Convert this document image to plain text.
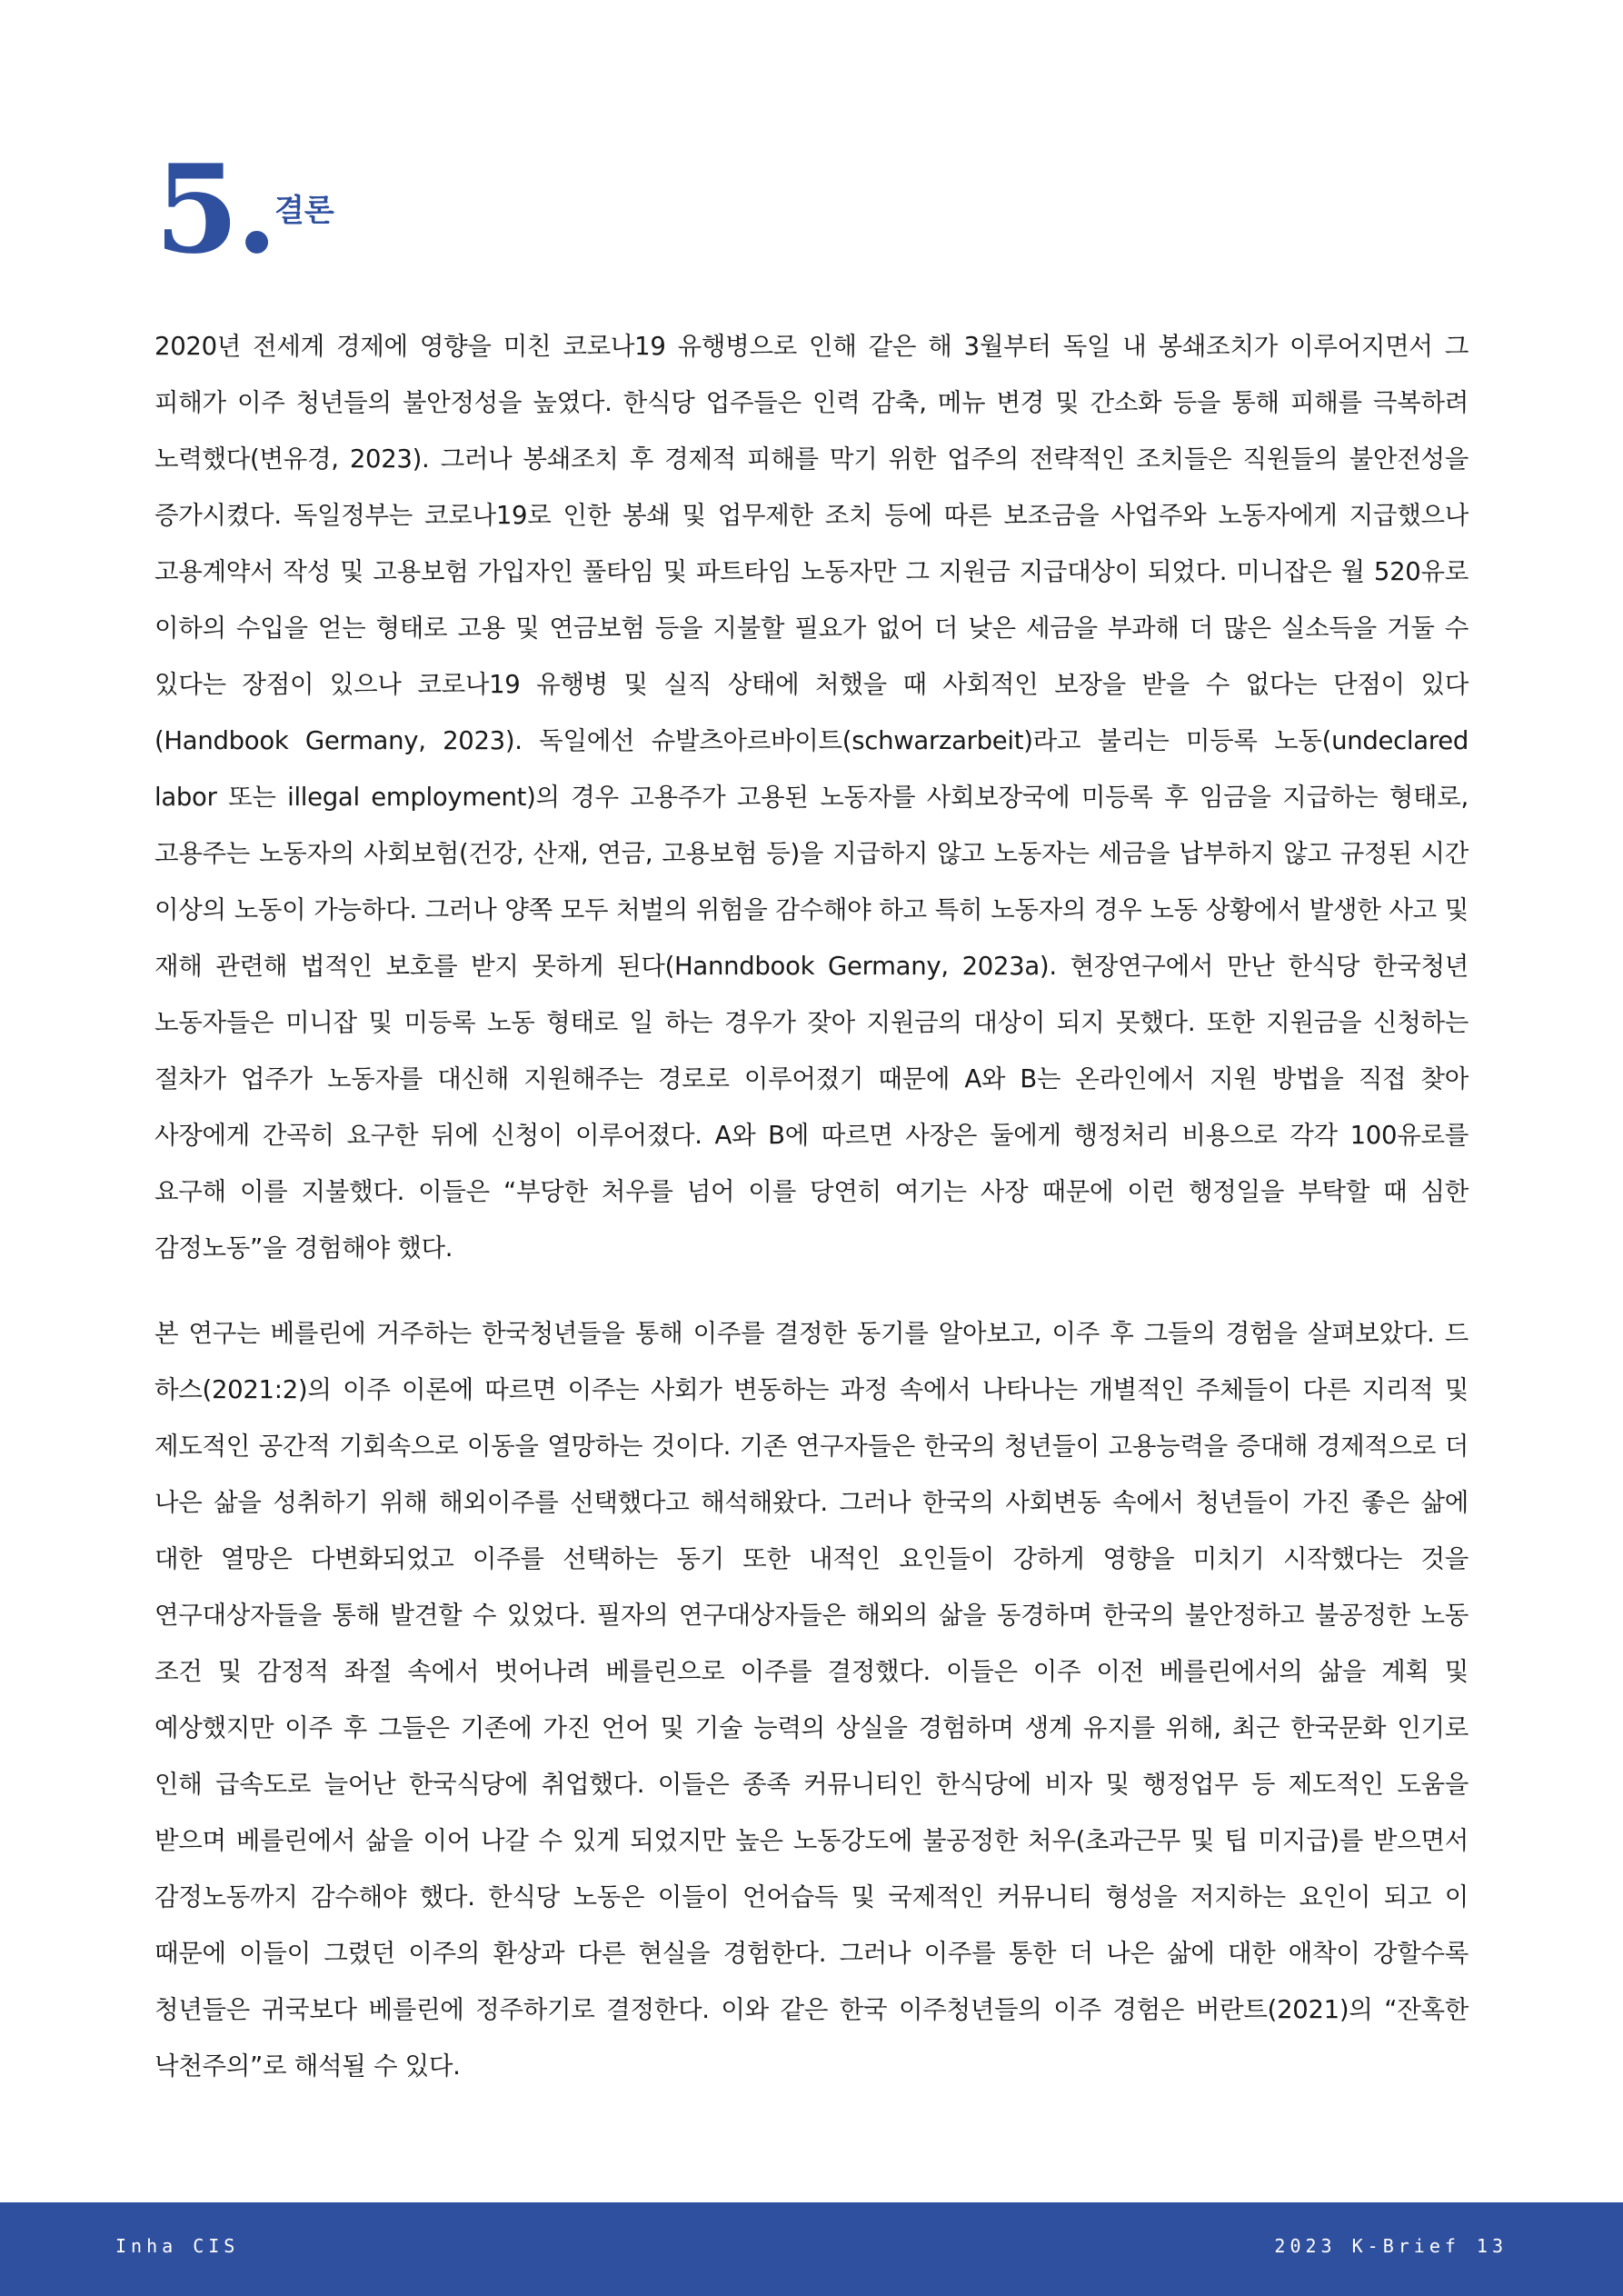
5. 결론

2020년 전세계 경제에 영향을 미친 코로나19 유행병으로 인해 같은 해 3월부터 독일 내 봉쇄조치가 이루어지면서 그 피해가 이주 청년들의 불안정성을 높였다. 한식당 업주들은 인력 감축, 메뉴 변경 및 간소화 등을 통해 피해를 극복하려 노력했다(변유경, 2023). 그러나 봉쇄조치 후 경제적 피해를 막기 위한 업주의 전략적인 조치들은 직원들의 불안전성을 증가시켰다. 독일정부는 코로나19로 인한 봉쇄 및 업무제한 조치 등에 따른 보조금을 사업주와 노동자에게 지급했으나 고용계약서 작성 및 고용보험 가입자인 풀타임 및 파트타임 노동자만 그 지원금 지급대상이 되었다. 미니잡은 월 520유로 이하의 수입을 얻는 형태로 고용 및 연금보험 등을 지불할 필요가 없어 더 낮은 세금을 부과해 더 많은 실소득을 거둘 수 있다는 장점이 있으나 코로나19 유행병 및 실직 상태에 처했을 때 사회적인 보장을 받을 수 없다는 단점이 있다(Handbook Germany, 2023). 독일에선 슈발츠아르바이트(schwarzarbeit)라고 불리는 미등록 노동(undeclared labor 또는 illegal employment)의 경우 고용주가 고용된 노동자를 사회보장국에 미등록 후 임금을 지급하는 형태로, 고용주는 노동자의 사회보험(건강, 산재, 연금, 고용보험 등)을 지급하지 않고 노동자는 세금을 납부하지 않고 규정된 시간 이상의 노동이 가능하다. 그러나 양쪽 모두 처벌의 위험을 감수해야 하고 특히 노동자의 경우 노동 상황에서 발생한 사고 및 재해 관련해 법적인 보호를 받지 못하게 된다(Hanndbook Germany, 2023a). 현장연구에서 만난 한식당 한국청년 노동자들은 미니잡 및 미등록 노동 형태로 일 하는 경우가 잦아 지원금의 대상이 되지 못했다. 또한 지원금을 신청하는 절차가 업주가 노동자를 대신해 지원해주는 경로로 이루어졌기 때문에 A와 B는 온라인에서 지원 방법을 직접 찾아 사장에게 간곡히 요구한 뒤에 신청이 이루어졌다. A와 B에 따르면 사장은 둘에게 행정처리 비용으로 각각 100유로를 요구해 이를 지불했다. 이들은 “부당한 처우를 넘어 이를 당연히 여기는 사장 때문에 이런 행정일을 부탁할 때 심한 감정노동”을 경험해야 했다.

본 연구는 베를린에 거주하는 한국청년들을 통해 이주를 결정한 동기를 알아보고, 이주 후 그들의 경험을 살펴보았다. 드 하스(2021:2)의 이주 이론에 따르면 이주는 사회가 변동하는 과정 속에서 나타나는 개별적인 주체들이 다른 지리적 및 제도적인 공간적 기회속으로 이동을 열망하는 것이다. 기존 연구자들은 한국의 청년들이 고용능력을 증대해 경제적으로 더 나은 삶을 성취하기 위해 해외이주를 선택했다고 해석해왔다. 그러나 한국의 사회변동 속에서 청년들이 가진 좋은 삶에 대한 열망은 다변화되었고 이주를 선택하는 동기 또한 내적인 요인들이 강하게 영향을 미치기 시작했다는 것을 연구대상자들을 통해 발견할 수 있었다. 필자의 연구대상자들은 해외의 삶을 동경하며 한국의 불안정하고 불공정한 노동 조건 및 감정적 좌절 속에서 벗어나려 베를린으로 이주를 결정했다. 이들은 이주 이전 베를린에서의 삶을 계획 및 예상했지만 이주 후 그들은 기존에 가진 언어 및 기술 능력의 상실을 경험하며 생계 유지를 위해, 최근 한국문화 인기로 인해 급속도로 늘어난 한국식당에 취업했다. 이들은 종족 커뮤니티인 한식당에 비자 및 행정업무 등 제도적인 도움을 받으며 베를린에서 삶을 이어 나갈 수 있게 되었지만 높은 노동강도에 불공정한 처우(초과근무 및 팁 미지급)를 받으면서 감정노동까지 감수해야 했다. 한식당 노동은 이들이 언어습득 및 국제적인 커뮤니티 형성을 저지하는 요인이 되고 이 때문에 이들이 그렸던 이주의 환상과 다른 현실을 경험한다. 그러나 이주를 통한 더 나은 삶에 대한 애착이 강할수록 청년들은 귀국보다 베를린에 정주하기로 결정한다. 이와 같은 한국 이주청년들의 이주 경험은 버란트(2021)의 “잔혹한 낙천주의”로 해석될 수 있다.

Inha CIS	2023 K-Brief 13
